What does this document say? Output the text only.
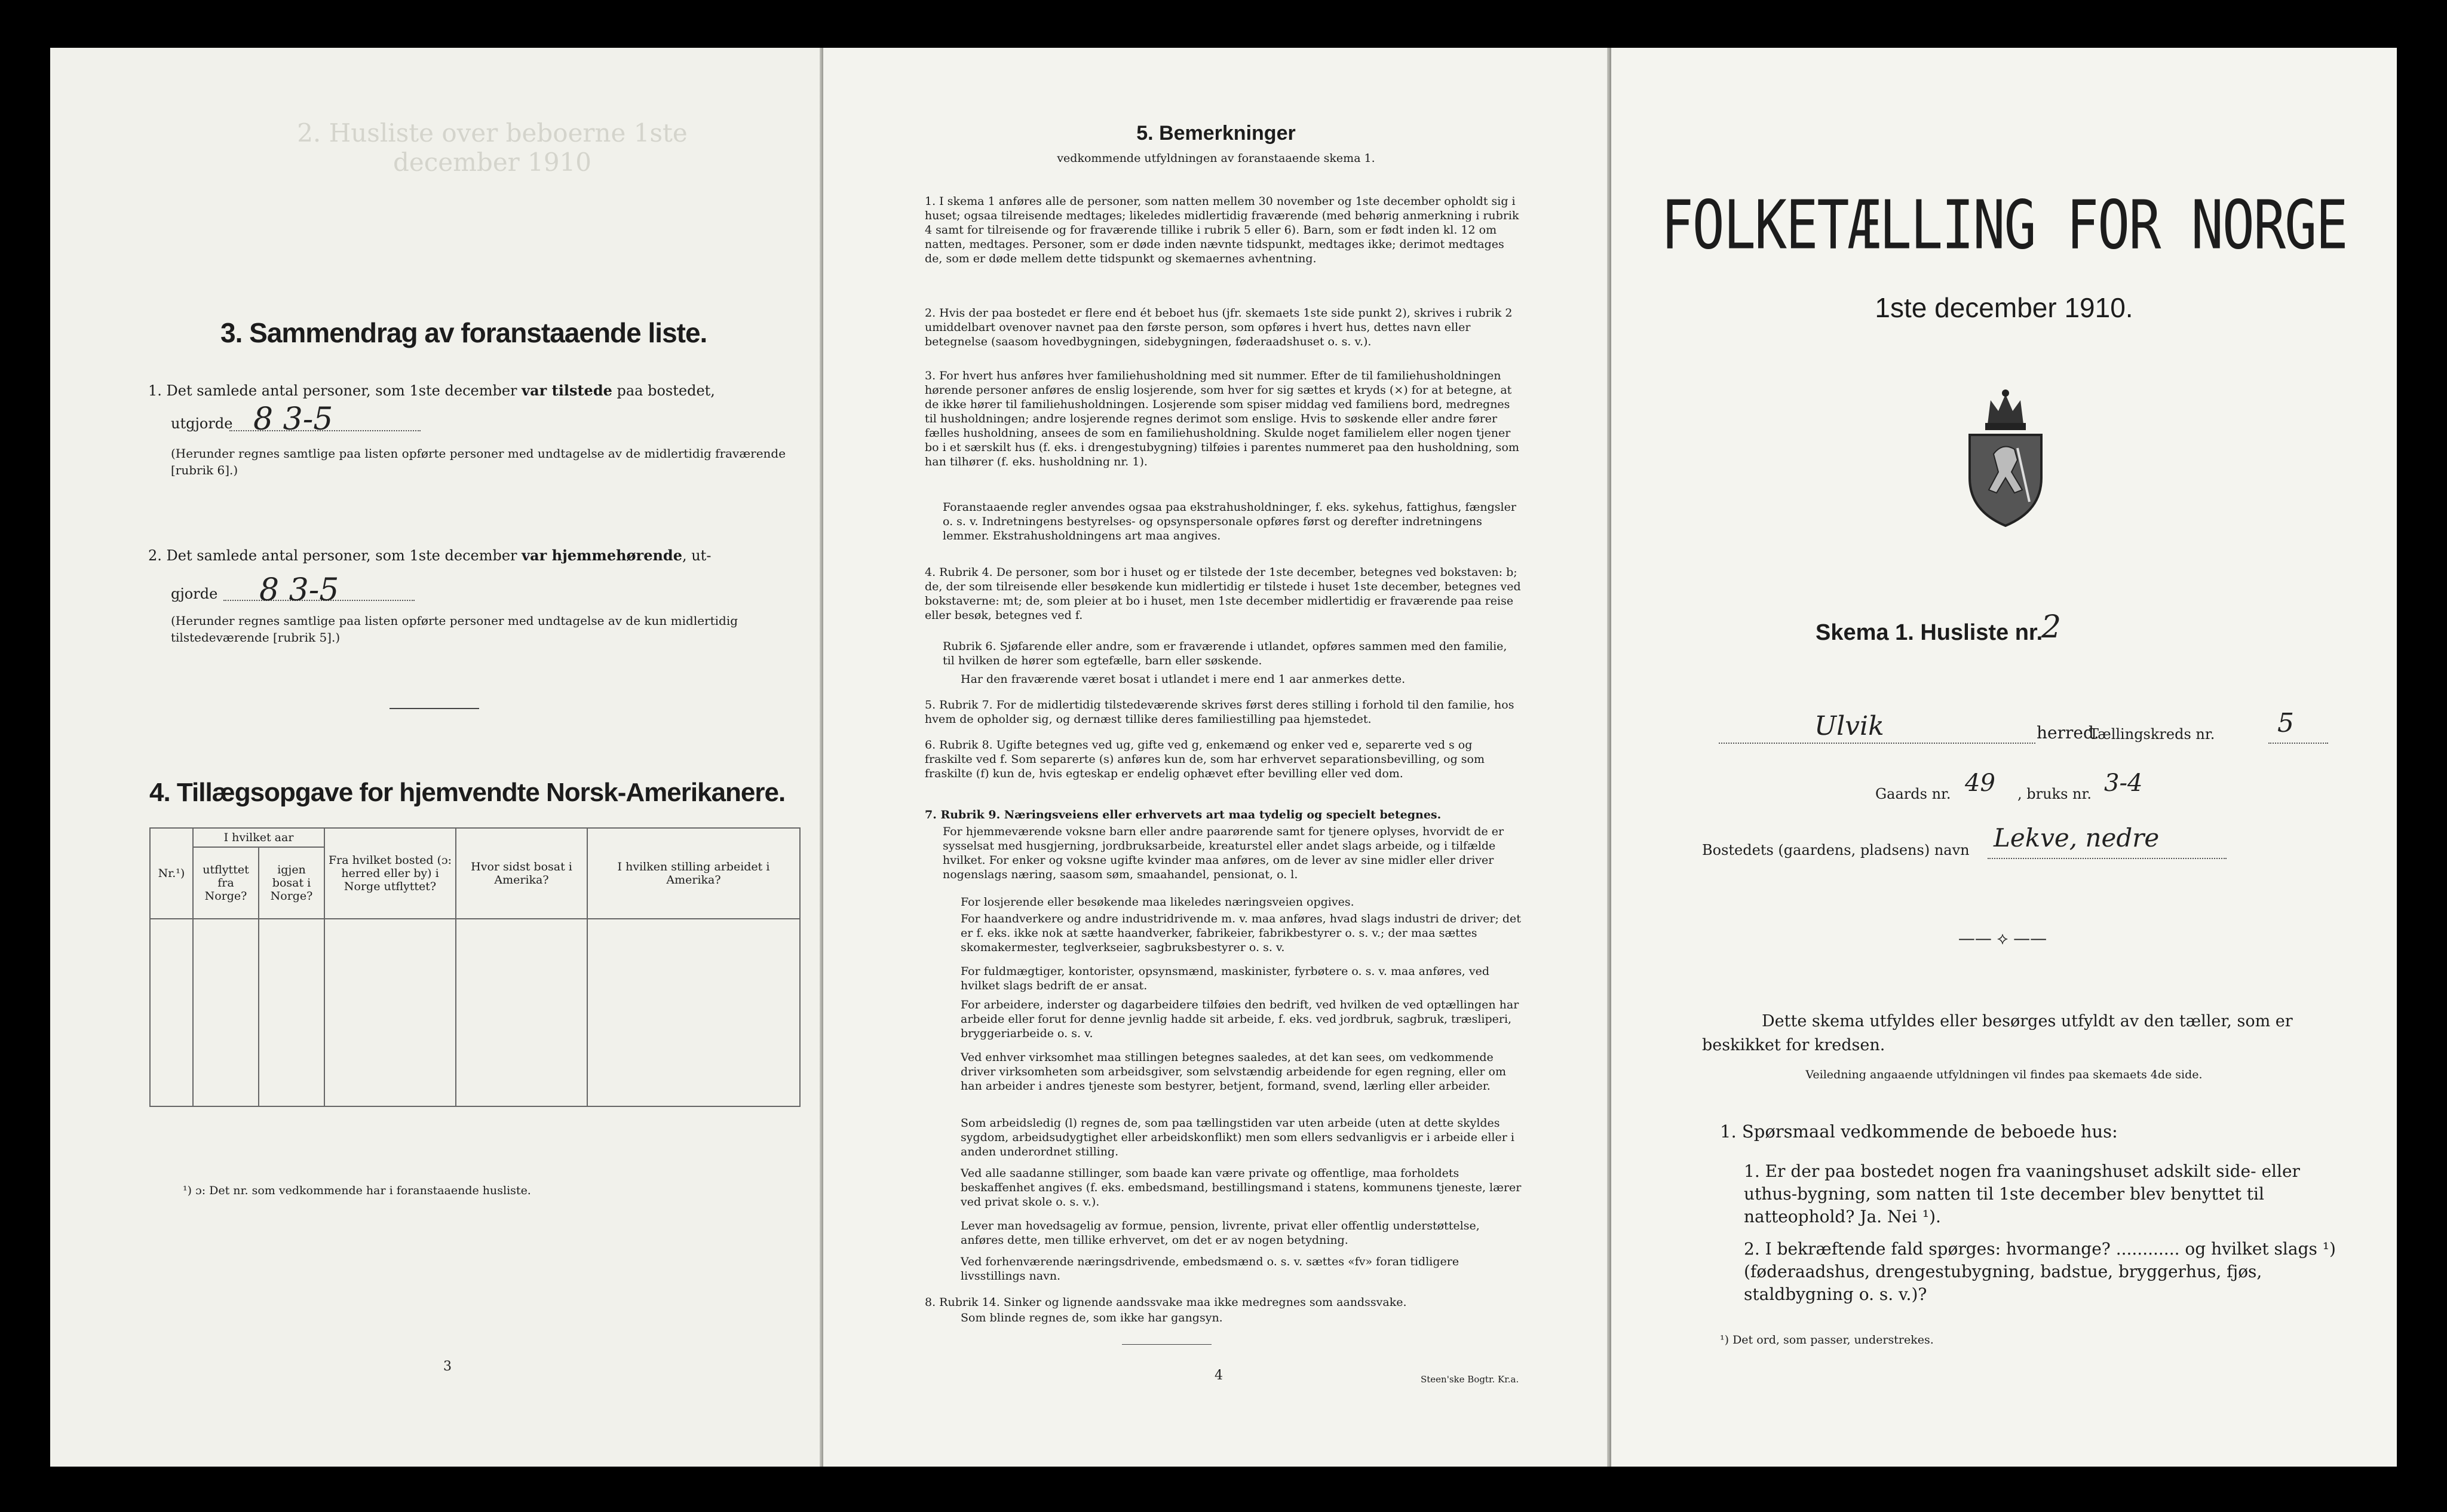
2. Husliste over beboerne 1ste december 1910
3. Sammendrag av foranstaaende liste.

1. Det samlede antal personer, som 1ste december var tilstede paa bostedet,

utgjorde 8 3-5
(Herunder regnes samtlige paa listen opførte personer med undtagelse av de midlertidig fraværende [rubrik 6].)

2. Det samlede antal personer, som 1ste december var hjemmehørende, ut-

gjorde 8 3-5
(Herunder regnes samtlige paa listen opførte personer med undtagelse av de kun midlertidig tilstedeværende [rubrik 5].)
4. Tillægsopgave for hjemvendte Norsk-Amerikanere.
Nr.¹)	I hvilket aar		Fra hvilket bosted (ɔ: herred eller by) i Norge utflyttet?	Hvor sidst bosat i Amerika?	I hvilken stilling arbeidet i Amerika?
	utflyttet fra Norge?	igjen bosat i Norge?			

¹) ɔ: Det nr. som vedkommende har i foranstaaende husliste.
3
5. Bemerkninger
vedkommende utfyldningen av foranstaaende skema 1.
1. I skema 1 anføres alle de personer, som natten mellem 30 november og 1ste december opholdt sig i huset; ogsaa tilreisende medtages; likeledes midlertidig fraværende (med behørig anmerkning i rubrik 4 samt for tilreisende og for fraværende tillike i rubrik 5 eller 6). Barn, som er født inden kl. 12 om natten, medtages. Personer, som er døde inden nævnte tidspunkt, medtages ikke; derimot medtages de, som er døde mellem dette tidspunkt og skemaernes avhentning.
2. Hvis der paa bostedet er flere end ét beboet hus (jfr. skemaets 1ste side punkt 2), skrives i rubrik 2 umiddelbart ovenover navnet paa den første person, som opføres i hvert hus, dettes navn eller betegnelse (saasom hovedbygningen, sidebygningen, føderaadshuset o. s. v.).
3. For hvert hus anføres hver familiehusholdning med sit nummer. Efter de til familiehusholdningen hørende personer anføres de enslig losjerende, som hver for sig sættes et kryds (×) for at betegne, at de ikke hører til familiehusholdningen. Losjerende som spiser middag ved familiens bord, medregnes til husholdningen; andre losjerende regnes derimot som enslige. Hvis to søskende eller andre fører fælles husholdning, ansees de som en familiehusholdning. Skulde noget familielem eller nogen tjener bo i et særskilt hus (f. eks. i drengestubygning) tilføies i parentes nummeret paa den husholdning, som han tilhører (f. eks. husholdning nr. 1).
Foranstaaende regler anvendes ogsaa paa ekstrahusholdninger, f. eks. sykehus, fattighus, fængsler o. s. v. Indretningens bestyrelses- og opsynspersonale opføres først og derefter indretningens lemmer. Ekstrahusholdningens art maa angives.
4. Rubrik 4. De personer, som bor i huset og er tilstede der 1ste december, betegnes ved bokstaven: b; de, der som tilreisende eller besøkende kun midlertidig er tilstede i huset 1ste december, betegnes ved bokstaverne: mt; de, som pleier at bo i huset, men 1ste december midlertidig er fraværende paa reise eller besøk, betegnes ved f.
Rubrik 6. Sjøfarende eller andre, som er fraværende i utlandet, opføres sammen med den familie, til hvilken de hører som egtefælle, barn eller søskende.
Har den fraværende været bosat i utlandet i mere end 1 aar anmerkes dette.
5. Rubrik 7. For de midlertidig tilstedeværende skrives først deres stilling i forhold til den familie, hos hvem de opholder sig, og dernæst tillike deres familiestilling paa hjemstedet.
6. Rubrik 8. Ugifte betegnes ved ug, gifte ved g, enkemænd og enker ved e, separerte ved s og fraskilte ved f. Som separerte (s) anføres kun de, som har erhvervet separationsbevilling, og som fraskilte (f) kun de, hvis egteskap er endelig ophævet efter bevilling eller ved dom.
7. Rubrik 9. Næringsveiens eller erhvervets art maa tydelig og specielt betegnes.
For hjemmeværende voksne barn eller andre paarørende samt for tjenere oplyses, hvorvidt de er sysselsat med husgjerning, jordbruksarbeide, kreaturstel eller andet slags arbeide, og i tilfælde hvilket. For enker og voksne ugifte kvinder maa anføres, om de lever av sine midler eller driver nogenslags næring, saasom søm, smaahandel, pensionat, o. l.
For losjerende eller besøkende maa likeledes næringsveien opgives.
For haandverkere og andre industridrivende m. v. maa anføres, hvad slags industri de driver; det er f. eks. ikke nok at sætte haandverker, fabrikeier, fabrikbestyrer o. s. v.; der maa sættes skomakermester, teglverkseier, sagbruksbestyrer o. s. v.
For fuldmægtiger, kontorister, opsynsmænd, maskinister, fyrbøtere o. s. v. maa anføres, ved hvilket slags bedrift de er ansat.
For arbeidere, inderster og dagarbeidere tilføies den bedrift, ved hvilken de ved optællingen har arbeide eller forut for denne jevnlig hadde sit arbeide, f. eks. ved jordbruk, sagbruk, træsliperi, bryggeriarbeide o. s. v.
Ved enhver virksomhet maa stillingen betegnes saaledes, at det kan sees, om vedkommende driver virksomheten som arbeidsgiver, som selvstændig arbeidende for egen regning, eller om han arbeider i andres tjeneste som bestyrer, betjent, formand, svend, lærling eller arbeider.
Som arbeidsledig (l) regnes de, som paa tællingstiden var uten arbeide (uten at dette skyldes sygdom, arbeidsudygtighet eller arbeidskonflikt) men som ellers sedvanligvis er i arbeide eller i anden underordnet stilling.
Ved alle saadanne stillinger, som baade kan være private og offentlige, maa forholdets beskaffenhet angives (f. eks. embedsmand, bestillingsmand i statens, kommunens tjeneste, lærer ved privat skole o. s. v.).
Lever man hovedsagelig av formue, pension, livrente, privat eller offentlig understøttelse, anføres dette, men tillike erhvervet, om det er av nogen betydning.
Ved forhenværende næringsdrivende, embedsmænd o. s. v. sættes «fv» foran tidligere livsstillings navn.
8. Rubrik 14. Sinker og lignende aandssvake maa ikke medregnes som aandssvake.
Som blinde regnes de, som ikke har gangsyn.
4	Steen'ske Bogtr. Kr.a.
FOLKETÆLLING FOR NORGE
1ste december 1910.
Skema 1. Husliste nr.
2
Ulvik	herred.
Tællingskreds nr. 5
Gaards nr. 49 , bruks nr. 3-4
Bostedets (gaardens, pladsens) navn Lekve, nedre
—— ⟡ ——
Dette skema utfyldes eller besørges utfyldt av den tæller, som er beskikket for kredsen.
Veiledning angaaende utfyldningen vil findes paa skemaets 4de side.
1. Spørsmaal vedkommende de beboede hus:
1. Er der paa bostedet nogen fra vaaningshuset adskilt side- eller uthus-bygning, som natten til 1ste december blev benyttet til natteophold? Ja. Nei ¹).
2. I bekræftende fald spørges: hvormange? ............ og hvilket slags ¹) (føderaadshus, drengestubygning, badstue, bryggerhus, fjøs, staldbygning o. s. v.)?
¹) Det ord, som passer, understrekes.
